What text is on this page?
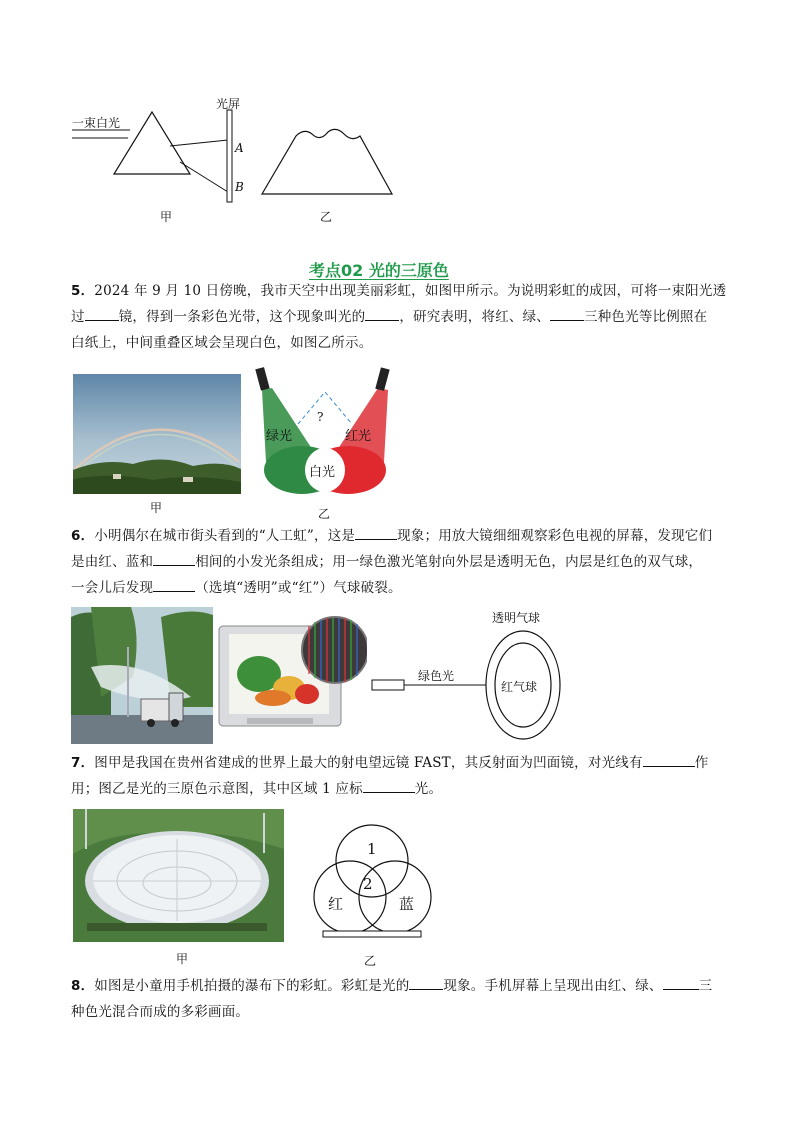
一束白光
光屏
A
B
甲	乙
考点02 光的三原色
5．2024 年 9 月 10 日傍晚，我市天空中出现美丽彩虹，如图甲所示。为说明彩虹的成因，可将一束阳光透
过	镜，得到一条彩色光带，这个现象叫光的	，研究表明，将红、绿、	三种色光等比例照在
白纸上，中间重叠区域会呈现白色，如图乙所示。
甲
?
绿光	红光
白光
乙
6．小明偶尔在城市街头看到的“人工虹”，这是	现象；用放大镜细细观察彩色电视的屏幕，发现它们
是由红、蓝和	相间的小发光条组成；用一绿色激光笔射向外层是透明无色，内层是红色的双气球，
一会儿后发现	（选填“透明”或“红”）气球破裂。
透明气球
绿色光
红气球
7．图甲是我国在贵州省建成的世界上最大的射电望远镜 FAST，其反射面为凹面镜，对光线有	作
用；图乙是光的三原色示意图，其中区域 1 应标	光。
甲
1
2
红	蓝
乙
8．如图是小童用手机拍摄的瀑布下的彩虹。彩虹是光的	现象。手机屏幕上呈现出由红、绿、	三
种色光混合而成的多彩画面。
